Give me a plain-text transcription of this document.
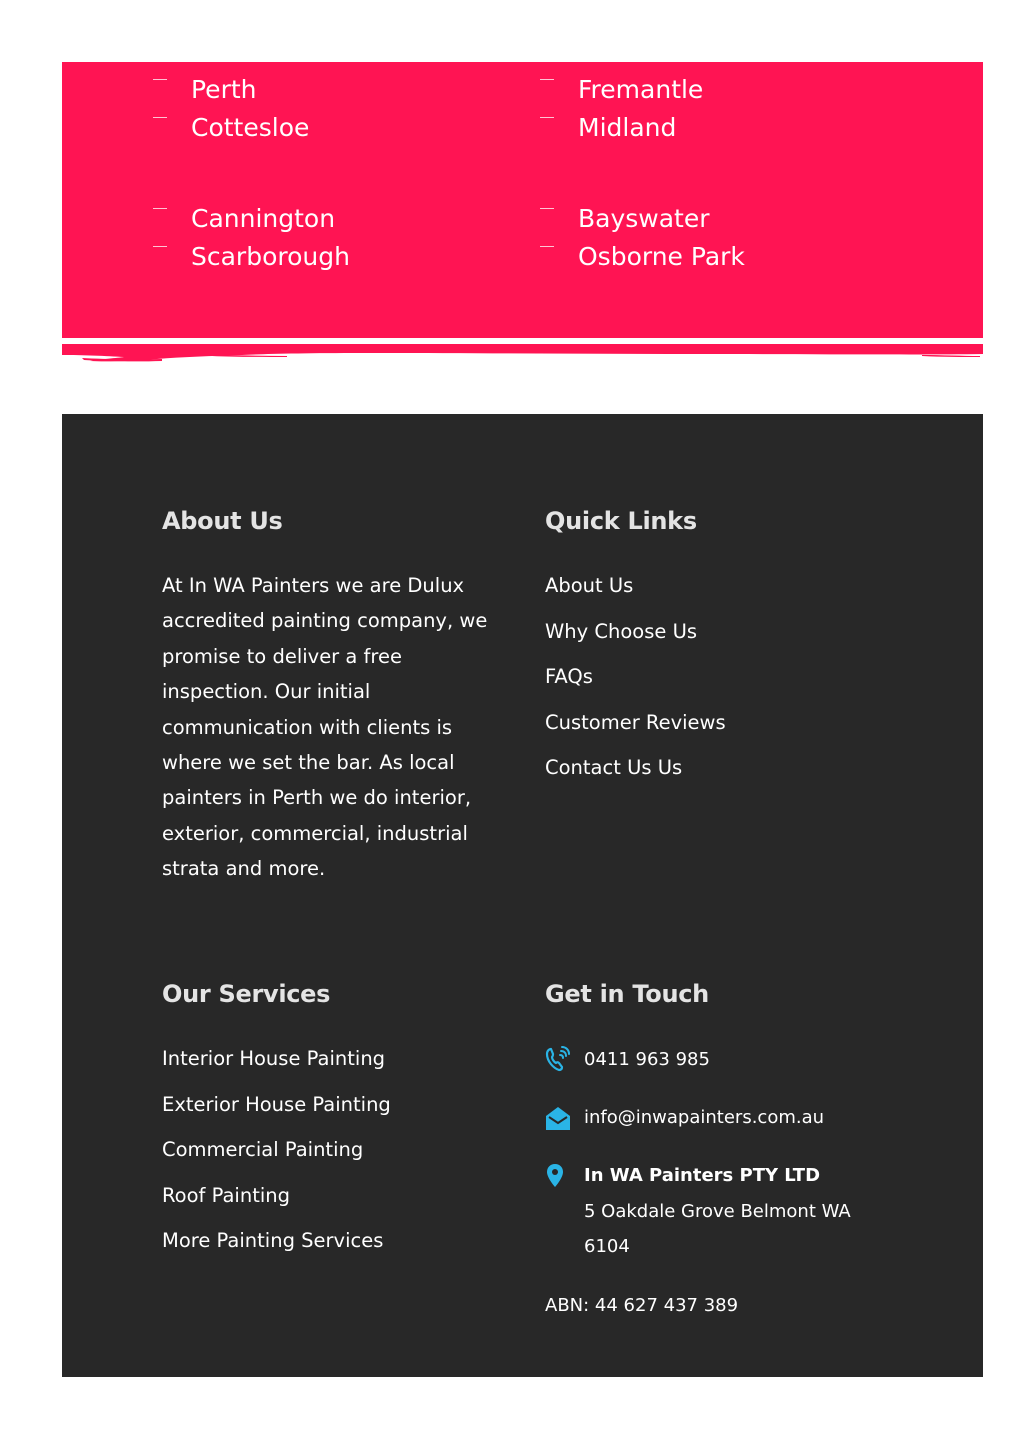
Perth
Cottesloe
Fremantle
Midland
Cannington
Scarborough
Bayswater
Osborne Park
About Us

At In WA Painters we are Dulux accredited painting company, we promise to deliver a free inspection. Our initial communication with clients is where we set the bar. As local painters in Perth we do interior, exterior, commercial, industrial strata and more.

Quick Links
About Us
Why Choose Us
FAQs
Customer Reviews
Contact Us Us
Our Services
Interior House Painting
Exterior House Painting
Commercial Painting
Roof Painting
More Painting Services
Get in Touch
0411 963 985
info@inwapainters.com.au
In WA Painters PTY LTD
5 Oakdale Grove Belmont WA 6104
ABN: 44 627 437 389
